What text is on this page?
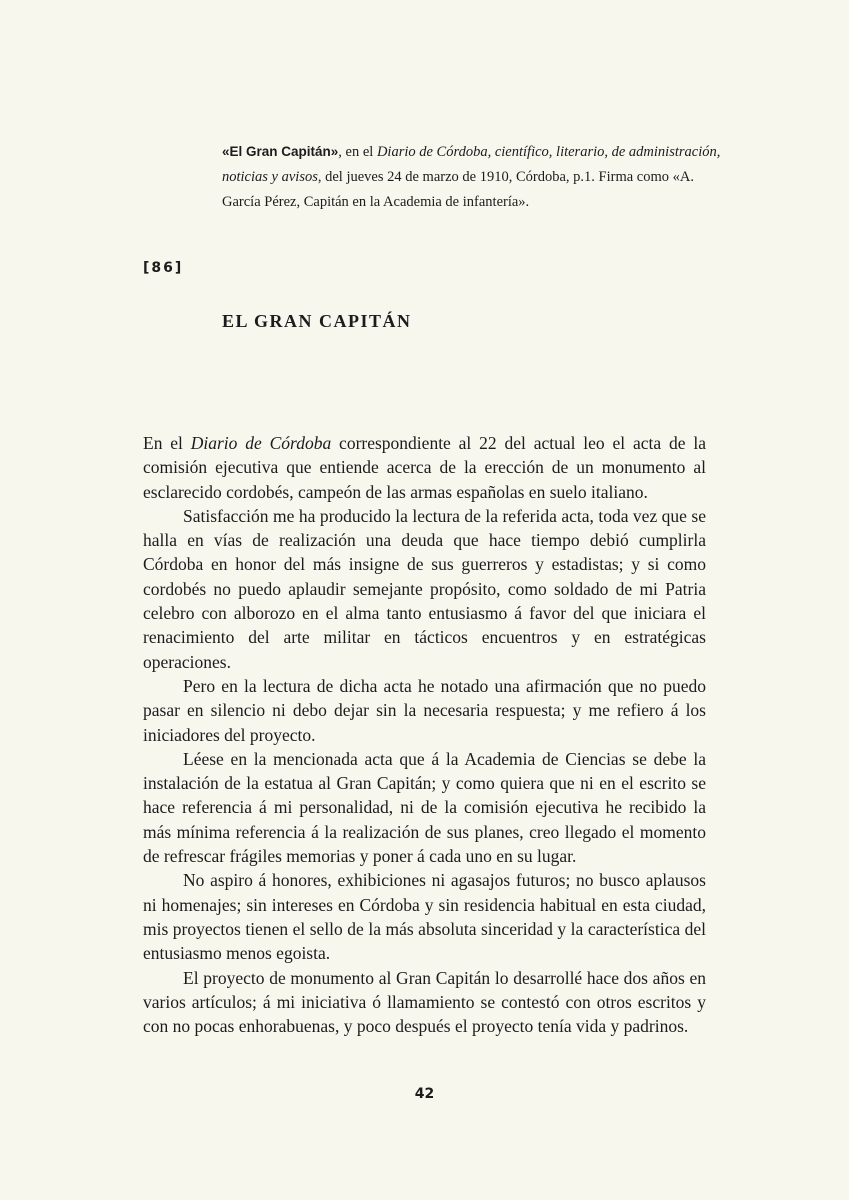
«El Gran Capitán», en el Diario de Córdoba, científico, literario, de administración, noticias y avisos, del jueves 24 de marzo de 1910, Córdoba, p.1. Firma como «A. García Pérez, Capitán en la Academia de infantería».
[86]
EL GRAN CAPITÁN

En el Diario de Córdoba correspondiente al 22 del actual leo el acta de la comisión ejecutiva que entiende acerca de la erección de un monumento al esclarecido cordobés, campeón de las armas españolas en suelo italiano.

Satisfacción me ha producido la lectura de la referida acta, toda vez que se halla en vías de realización una deuda que hace tiempo debió cumplirla Córdoba en honor del más insigne de sus guerreros y estadistas; y si como cordobés no puedo aplaudir semejante propósito, como soldado de mi Patria celebro con alborozo en el alma tanto entusiasmo á favor del que iniciara el renacimiento del arte militar en tácticos encuentros y en estratégicas operaciones.

Pero en la lectura de dicha acta he notado una afirmación que no puedo pasar en silencio ni debo dejar sin la necesaria respuesta; y me refiero á los iniciadores del proyecto.

Léese en la mencionada acta que á la Academia de Ciencias se debe la instalación de la estatua al Gran Capitán; y como quiera que ni en el escrito se hace referencia á mi personalidad, ni de la comisión ejecutiva he recibido la más mínima referencia á la realización de sus planes, creo llegado el momento de refrescar frágiles memorias y poner á cada uno en su lugar.

No aspiro á honores, exhibiciones ni agasajos futuros; no busco aplausos ni homenajes; sin intereses en Córdoba y sin residencia habitual en esta ciudad, mis proyectos tienen el sello de la más absoluta sinceridad y la característica del entusiasmo menos egoista.

El proyecto de monumento al Gran Capitán lo desarrollé hace dos años en varios artículos; á mi iniciativa ó llamamiento se contestó con otros escritos y con no pocas enhorabuenas, y poco después el proyecto tenía vida y padrinos.

42
